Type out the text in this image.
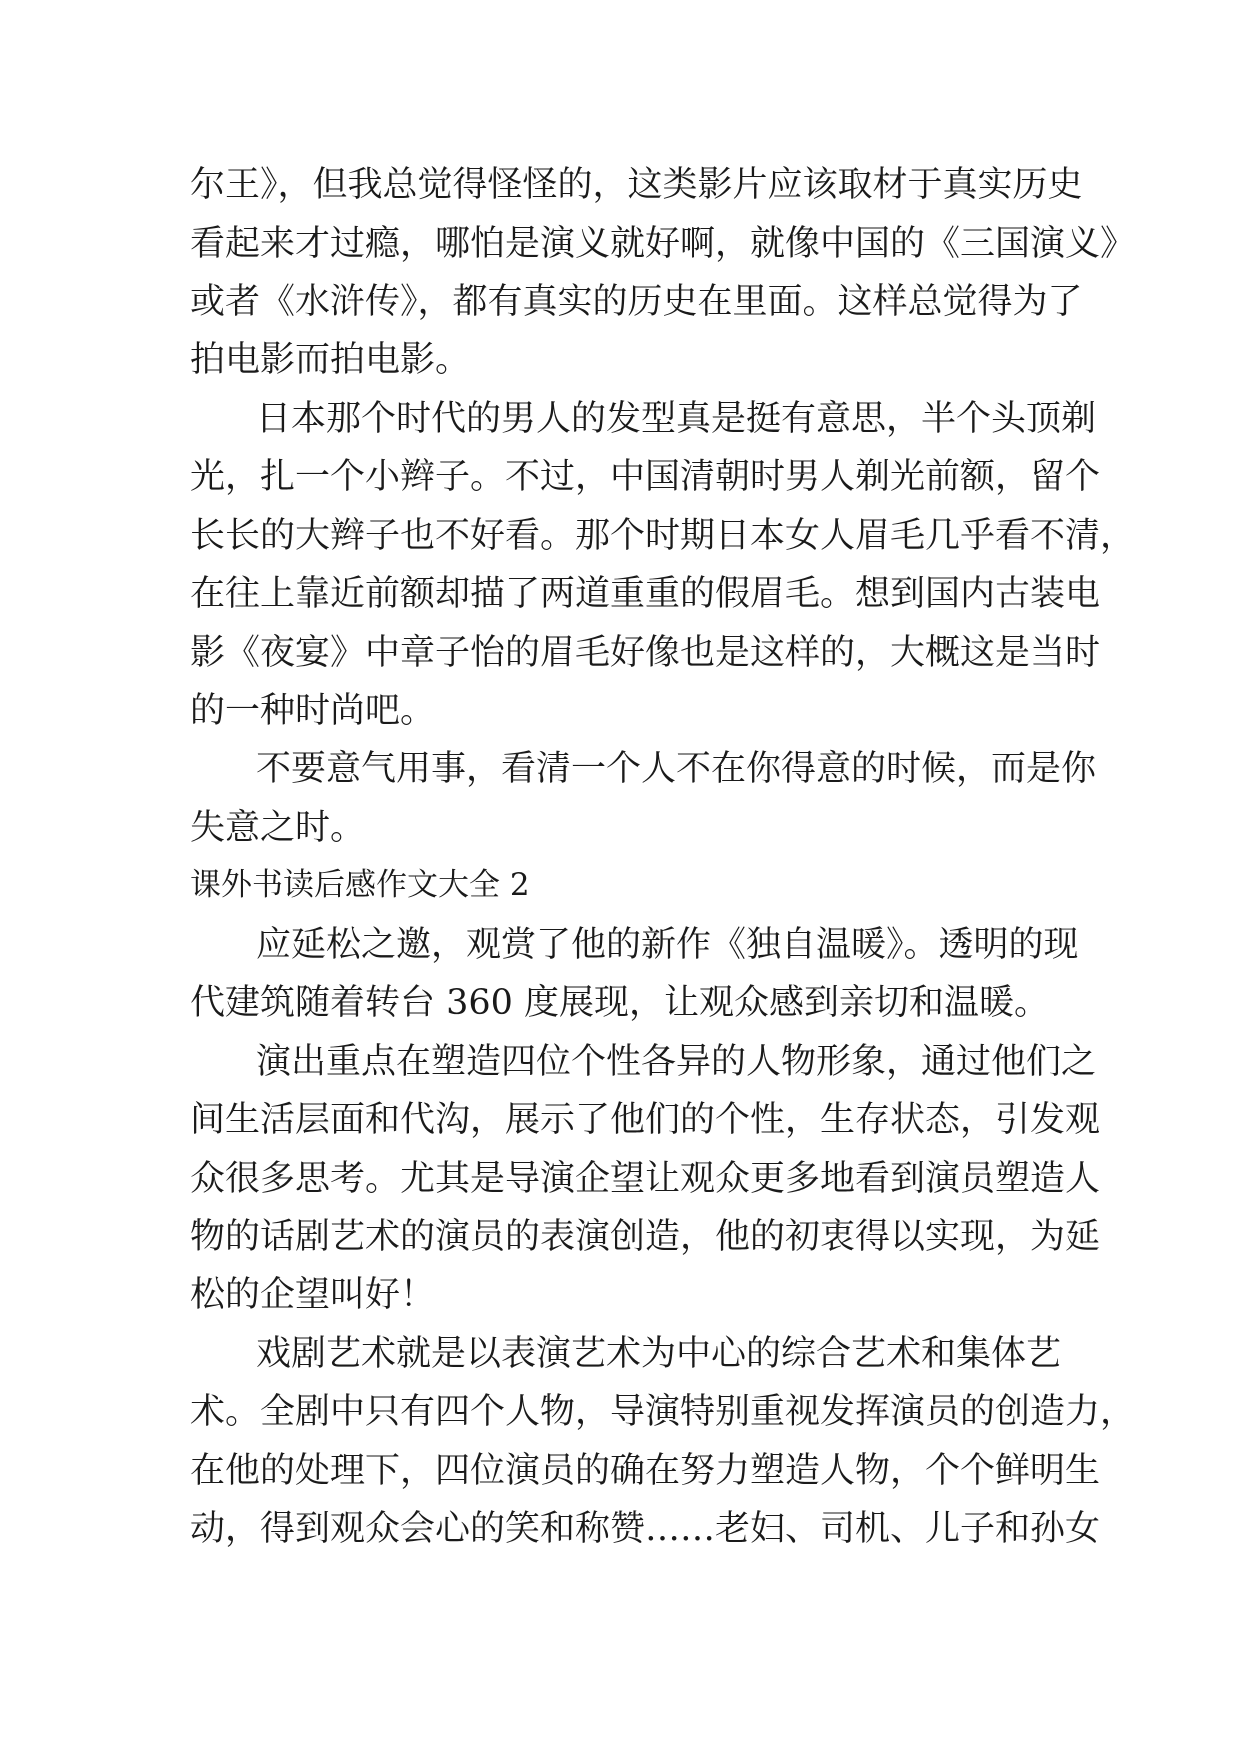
尔王》，但我总觉得怪怪的，这类影片应该取材于真实历史
看起来才过瘾，哪怕是演义就好啊，就像中国的《三国演义》
或者《水浒传》，都有真实的历史在里面。这样总觉得为了
拍电影而拍电影。
日本那个时代的男人的发型真是挺有意思，半个头顶剃
光，扎一个小辫子。不过，中国清朝时男人剃光前额，留个
长长的大辫子也不好看。那个时期日本女人眉毛几乎看不清，
在往上靠近前额却描了两道重重的假眉毛。想到国内古装电
影《夜宴》中章子怡的眉毛好像也是这样的，大概这是当时
的一种时尚吧。
不要意气用事，看清一个人不在你得意的时候，而是你
失意之时。
课外书读后感作文大全 2
应延松之邀，观赏了他的新作《独自温暖》。透明的现
代建筑随着转台 360 度展现，让观众感到亲切和温暖。
演出重点在塑造四位个性各异的人物形象，通过他们之
间生活层面和代沟，展示了他们的个性，生存状态，引发观
众很多思考。尤其是导演企望让观众更多地看到演员塑造人
物的话剧艺术的演员的表演创造，他的初衷得以实现，为延
松的企望叫好！
戏剧艺术就是以表演艺术为中心的综合艺术和集体艺
术。全剧中只有四个人物，导演特别重视发挥演员的创造力，
在他的处理下，四位演员的确在努力塑造人物，个个鲜明生
动，得到观众会心的笑和称赞……老妇、司机、儿子和孙女
